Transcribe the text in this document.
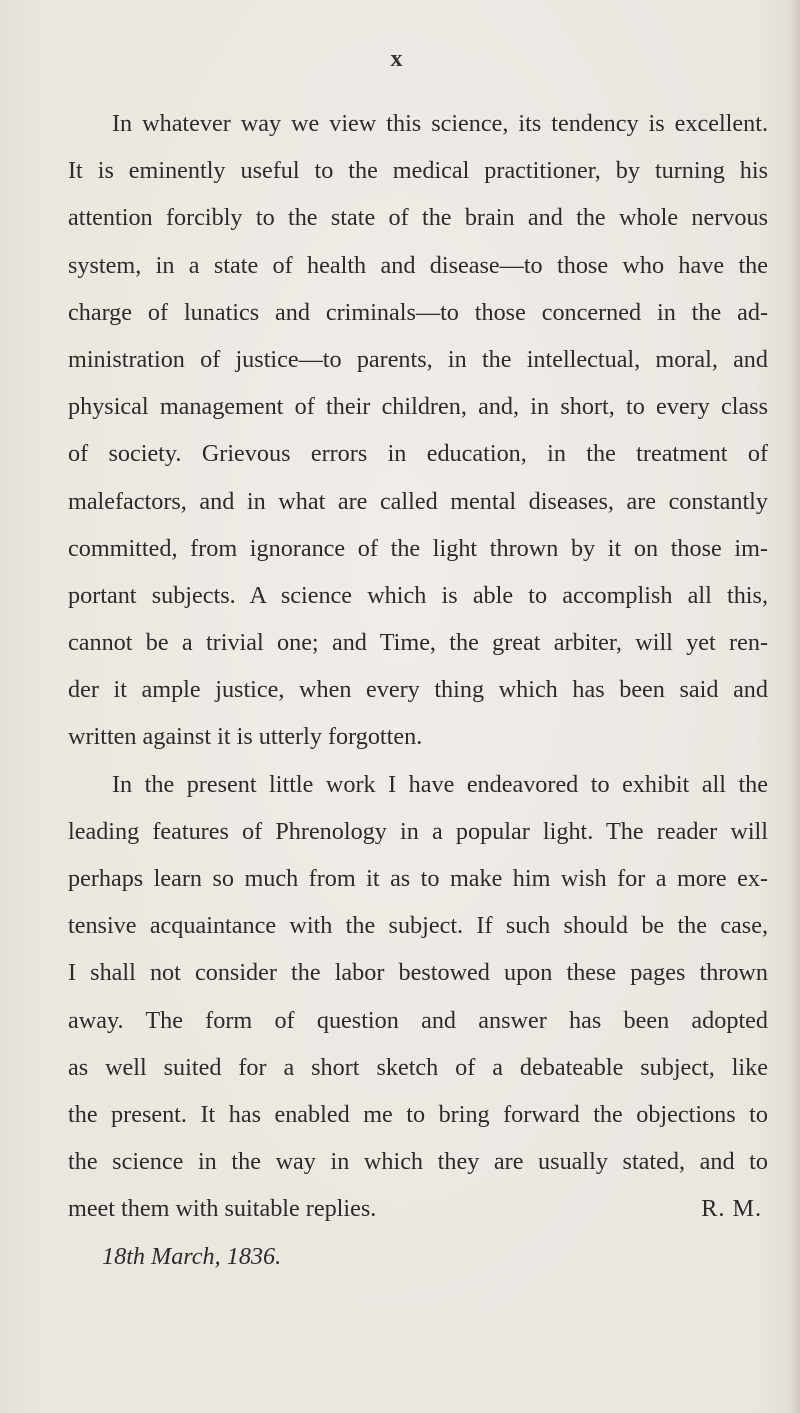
x
In whatever way we view this science, its tendency is excellent.
It is eminently useful to the medical practitioner, by turning his
attention forcibly to the state of the brain and the whole nervous
system, in a state of health and disease—to those who have the
charge of lunatics and criminals—to those concerned in the ad-
ministration of justice—to parents, in the intellectual, moral, and
physical management of their children, and, in short, to every class
of society. Grievous errors in education, in the treatment of
malefactors, and in what are called mental diseases, are constantly
committed, from ignorance of the light thrown by it on those im-
portant subjects. A science which is able to accomplish all this,
cannot be a trivial one; and Time, the great arbiter, will yet ren-
der it ample justice, when every thing which has been said and
written against it is utterly forgotten.
In the present little work I have endeavored to exhibit all the
leading features of Phrenology in a popular light. The reader will
perhaps learn so much from it as to make him wish for a more ex-
tensive acquaintance with the subject. If such should be the case,
I shall not consider the labor bestowed upon these pages thrown
away. The form of question and answer has been adopted
as well suited for a short sketch of a debateable subject, like
the present. It has enabled me to bring forward the objections to
the science in the way in which they are usually stated, and to
meet them with suitable replies.	R. M.
18th March, 1836.
